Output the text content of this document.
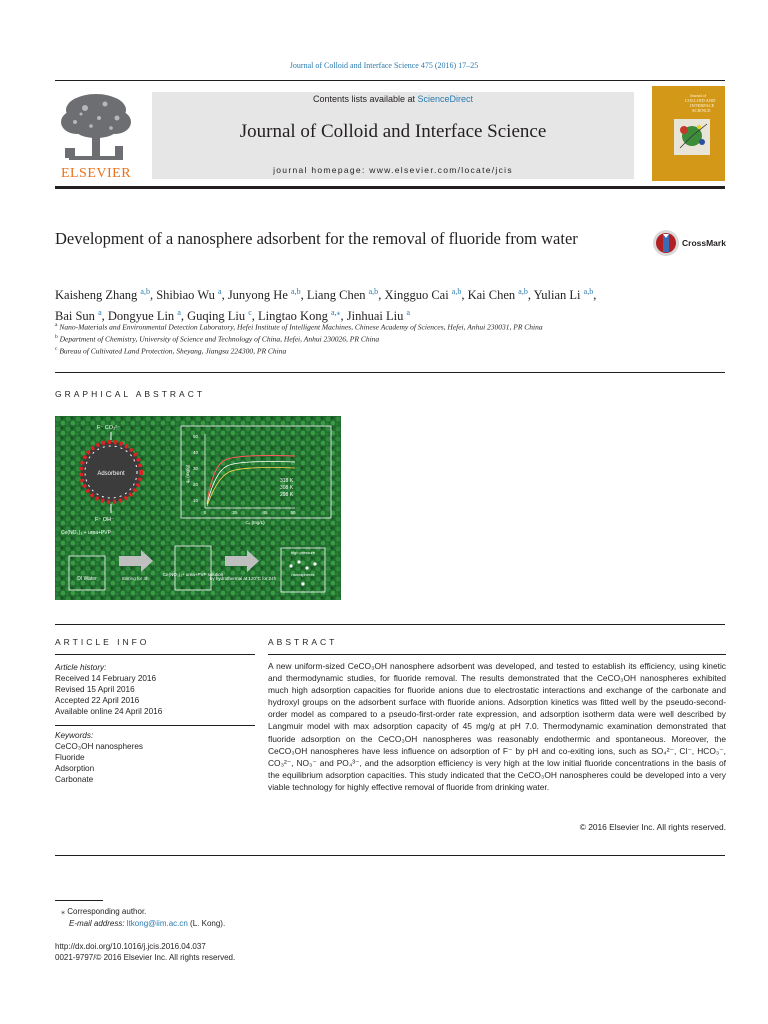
Journal of Colloid and Interface Science 475 (2016) 17–25
ELSEVIER
Contents lists available at ScienceDirect
Journal of Colloid and Interface Science
journal homepage: www.elsevier.com/locate/jcis
Journal of
COLLOID AND
INTERFACE
SCIENCE
Development of a nanosphere adsorbent for the removal of fluoride from water	CrossMark
Kaisheng Zhang $^{a,b}$, Shibiao Wu $^a$, Junyong He $^{a,b}$, Liang Chen $^{a,b}$, Xingguo Cai $^{a,b}$, Kai Chen $^{a,b}$, Yulian Li $^{a,b}$,
Bai Sun $^a$, Dongyue Lin $^a$, Guqing Liu $^c$, Lingtao Kong $^{a,⁎}$, Jinhuai Liu $^a$
$^a$ Nano-Materials and Environmental Detection Laboratory, Hefei Institute of Intelligent Machines, Chinese Academy of Sciences, Hefei, Anhui 230031, PR China
$^b$ Department of Chemistry, University of Science and Technology of China, Hefei, Anhui 230026, PR China
$^c$ Bureau of Cultivated Land Protection, Sheyang, Jiangsu 224300, PR China
GRAPHICAL ABSTRACT
Adsorbent
F⁻ CO₃²⁻
F⁻ OH⁻
50
40
30
20
10
0	25	45	50
Cₑ (mg/L)
qₑ (mg/g)	318 K
308 K
298 K
Ce(NO₃)₃ + urea+PVP
DI Water	Stirring for 4h
Ce(NO₃)₃+ urea+PVP solution
by hydrothermal at 120°C for 24h
high pressure
nanospheres
ARTICLE INFO	ABSTRACT
Article history:
Received 14 February 2016
Revised 15 April 2016
Accepted 22 April 2016
Available online 24 April 2016
Keywords:
CeCO₃OH nanospheres
Fluoride
Adsorption
Carbonate
A new uniform-sized CeCO₃OH nanosphere adsorbent was developed, and tested to establish its efficiency, using kinetic and thermodynamic studies, for fluoride removal. The results demonstrated that the CeCO₃OH nanospheres exhibited much high adsorption capacities for fluoride anions due to electrostatic interactions and exchange of the carbonate and hydroxyl groups on the adsorbent surface with fluoride anions. Adsorption kinetics was fitted well by the pseudo-second-order model as compared to a pseudo-first-order rate expression, and adsorption isotherm data were well described by Langmuir model with max adsorption capacity of 45 mg/g at pH 7.0. Thermodynamic examination demonstrated that fluoride adsorption on the CeCO₃OH nanospheres was reasonably endothermic and spontaneous. Moreover, the CeCO₃OH nanospheres have less influence on adsorption of F⁻ by pH and co-exiting ions, such as SO₄²⁻, Cl⁻, HCO₃⁻, CO₃²⁻, NO₃⁻ and PO₄³⁻, and the adsorption efficiency is very high at the low initial fluoride concentrations in the basis of the equilibrium adsorption capacities. This study indicated that the CeCO₃OH nanospheres could be developed into a very viable technology for highly effective removal of fluoride from drinking water.
© 2016 Elsevier Inc. All rights reserved.
⁎ Corresponding author.
E-mail address: ltkong@iim.ac.cn (L. Kong).
http://dx.doi.org/10.1016/j.jcis.2016.04.037
0021-9797/© 2016 Elsevier Inc. All rights reserved.
